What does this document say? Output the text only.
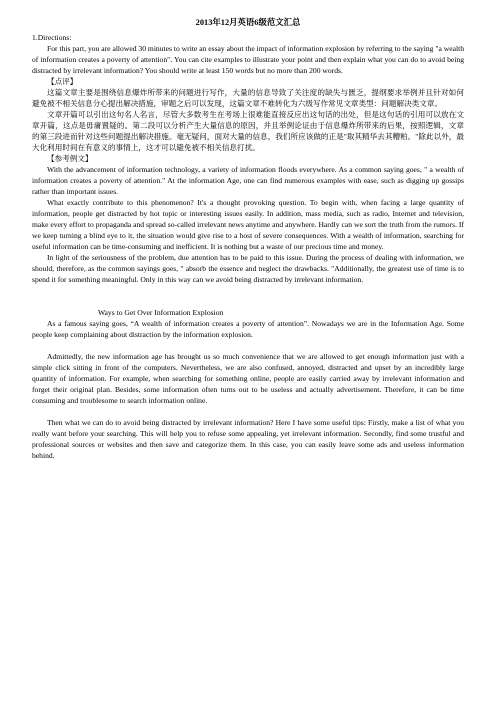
2013年12月英语6级范文汇总

1.Directions:

For this part, you are allowed 30 minutes to write an essay about the impact of information explosion by referring to the saying "a wealth of information creates a poverty of attention". You can cite examples to illustrate your point and then explain what you can do to avoid being distracted by irrelevant information? You should write at least 150 words but no more than 200 words.

【点评】

这篇文章主要是围绕信息爆炸所带来的问题进行写作，大量的信息导致了关注度的缺失与匮乏，提纲要求举例并且针对如何避免被不相关信息分心提出解决措施，审题之后可以发现，这篇文章不难转化为六级写作常见文章类型：问题解决类文章。

文章开篇可以引出这句名人名言，尽管大多数考生在考场上很难能直接反应出这句话的出处，但是这句话的引用可以放在文章开篇，这点是毋庸置疑的。第二段可以分析产生大量信息的原因，并且举例论证由于信息爆炸所带来的后果，按照逻辑，文章的第三段进而针对这些问题提出解决措施。毫无疑问，面对大量的信息，我们所应该做的正是"取其精华去其糟粕。"除此以外，最大化利用时间在有意义的事情上，这才可以避免被不相关信息打扰。

【参考例文】

With the advancement of information technology, a variety of information floods everywhere. As a common saying goes, " a wealth of information creates a poverty of attention." At the information Age, one can find numerous examples with ease, such as digging up gossips rather than important issues.

What exactly contribute to this phenomenon? It's a thought provoking question. To begin with, when facing a large quantity of information, people get distracted by hot topic or interesting issues easily. In addition, mass media, such as radio, Internet and television, make every effort to propaganda and spread so-called irrelevant news anytime and anywhere. Hardly can we sort the truth from the rumors. If we keep turning a blind eye to it, the situation would give rise to a host of severe consequences. With a wealth of information, searching for useful information can be time-consuming and inefficient. It is nothing but a waste of our precious time and money.

In light of the seriousness of the problem, due attention has to be paid to this issue. During the process of dealing with information, we should, therefore, as the common sayings goes, " absorb the essence and neglect the drawbacks. "Additionally, the greatest use of time is to spend it for something meaningful. Only in this way can we avoid being distracted by irrelevant information.

Ways to Get Over Information Explosion

As a famous saying goes, “A wealth of information creates a poverty of attention”. Nowadays we are in the Information Age. Some people keep complaining about distraction by the information explosion.

Admittedly, the new information age has brought us so much convenience that we are allowed to get enough information just with a simple click sitting in front of the computers. Nevertheless, we are also confused, annoyed, distracted and upset by an incredibly large quantity of information. For example, when searching for something online, people are easily carried away by irrelevant information and forget their original plan. Besides, some information often turns out to be useless and actually advertisement. Therefore, it can be time consuming and troublesome to search information online.

Then what we can do to avoid being distracted by irrelevant information? Here I have some useful tips: Firstly, make a list of what you really want before your searching. This will help you to refuse some appealing, yet irrelevant information. Secondly, find some trustful and professional sources or websites and then save and categorize them. In this case, you can easily leave some ads and useless information behind.
